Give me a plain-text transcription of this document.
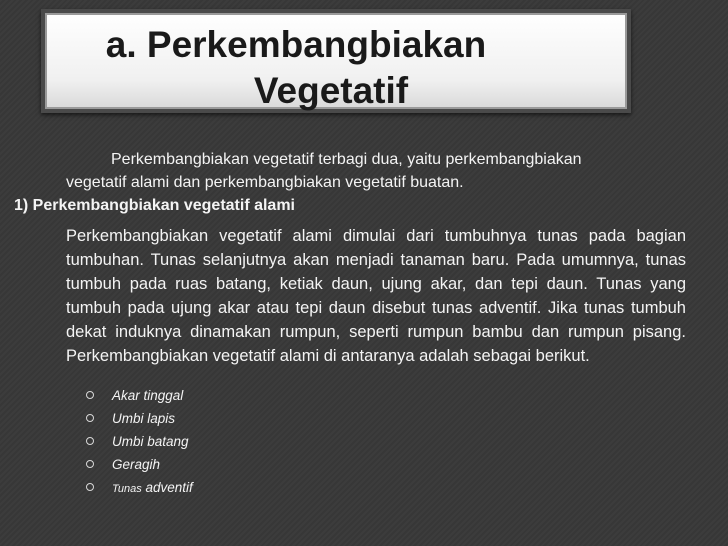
a. Perkembangbiakan
Vegetatif
Perkembangbiakan vegetatif terbagi dua, yaitu perkembangbiakan
vegetatif alami dan perkembangbiakan vegetatif buatan.
1) Perkembangbiakan vegetatif alami
Perkembangbiakan vegetatif alami dimulai dari tumbuhnya tunas pada bagian tumbuhan. Tunas selanjutnya akan menjadi tanaman baru. Pada umumnya, tunas tumbuh pada ruas batang, ketiak daun, ujung akar, dan tepi daun. Tunas yang tumbuh pada ujung akar atau tepi daun disebut tunas adventif. Jika tunas tumbuh dekat induknya dinamakan rumpun, seperti rumpun bambu dan rumpun pisang. Perkembangbiakan vegetatif alami di antaranya adalah sebagai berikut.
Akar tinggal
Umbi lapis
Umbi batang
Geragih
Tunas adventif
